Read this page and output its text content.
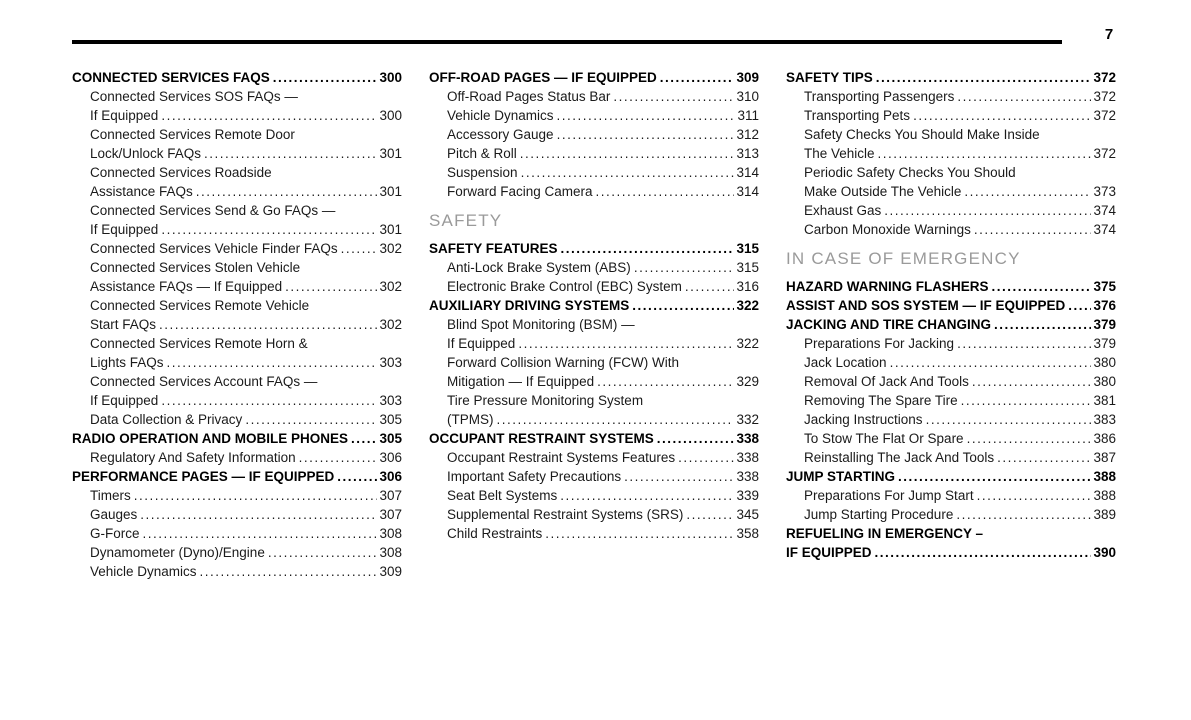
7
CONNECTED SERVICES FAQS .....	300
Connected Services SOS FAQs —
If Equipped .....	300
Connected Services Remote Door
Lock/Unlock FAQs .....	301
Connected Services Roadside
Assistance FAQs .....	301
Connected Services Send & Go FAQs —
If Equipped .....	301
Connected Services Vehicle Finder FAQs .....	302
Connected Services Stolen Vehicle
Assistance FAQs — If Equipped .....	302
Connected Services Remote Vehicle
Start FAQs .....	302
Connected Services Remote Horn &
Lights FAQs .....	303
Connected Services Account FAQs —
If Equipped .....	303
Data Collection & Privacy .....	305
RADIO OPERATION AND MOBILE PHONES ..... 305
Regulatory And Safety Information .....	306
PERFORMANCE PAGES — IF EQUIPPED .....	306
Timers .....	307
Gauges .....	307
G-Force .....	308
Dynamometer (Dyno)/Engine .....	308
Vehicle Dynamics .....	309
OFF-ROAD PAGES — IF EQUIPPED .....	309
Off-Road Pages Status Bar .....	310
Vehicle Dynamics .....	311
Accessory Gauge .....	312
Pitch & Roll .....	313
Suspension .....	314
Forward Facing Camera .....	314
SAFETY
SAFETY FEATURES .....	315
Anti-Lock Brake System (ABS) .....	315
Electronic Brake Control (EBC) System .....	316
AUXILIARY DRIVING SYSTEMS .....	322
Blind Spot Monitoring (BSM) —
If Equipped .....	322
Forward Collision Warning (FCW) With
Mitigation — If Equipped .....	329
Tire Pressure Monitoring System
(TPMS) .....	332
OCCUPANT RESTRAINT SYSTEMS .....	338
Occupant Restraint Systems Features .....	338
Important Safety Precautions .....	338
Seat Belt Systems .....	339
Supplemental Restraint Systems (SRS) .....	345
Child Restraints .....	358
SAFETY TIPS .....	372
Transporting Passengers .....	372
Transporting Pets .....	372
Safety Checks You Should Make Inside
The Vehicle .....	372
Periodic Safety Checks You Should
Make Outside The Vehicle .....	373
Exhaust Gas .....	374
Carbon Monoxide Warnings .....	374
IN CASE OF EMERGENCY
HAZARD WARNING FLASHERS .....	375
ASSIST AND SOS SYSTEM — IF EQUIPPED ..... 376
JACKING AND TIRE CHANGING .....	379
Preparations For Jacking .....	379
Jack Location .....	380
Removal Of Jack And Tools .....	380
Removing The Spare Tire .....	381
Jacking Instructions .....	383
To Stow The Flat Or Spare .....	386
Reinstalling The Jack And Tools .....	387
JUMP STARTING .....	388
Preparations For Jump Start .....	388
Jump Starting Procedure .....	389
REFUELING IN EMERGENCY –
IF EQUIPPED .....	390
